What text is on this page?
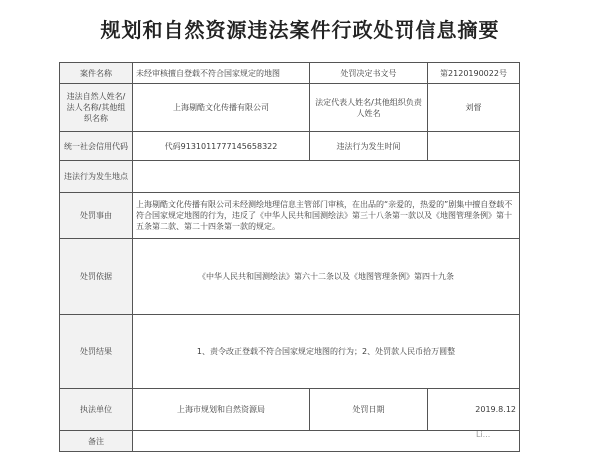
规划和自然资源违法案件行政处罚信息摘要
案件名称	未经审核擅自登载不符合国家规定的地图	处罚决定书文号	第2120190022号
违法自然人姓名/法人名称/其他组织名称	上海剔酷文化传播有限公司	法定代表人姓名/其他组织负责人姓名	刘督
统一社会信用代码	代码9131011777145658322	违法行为发生时间	
违法行为发生地点			
处罚事由	上海剔酷文化传播有限公司未经测绘地理信息主管部门审核，在出品的“亲爱的，热爱的”剧集中擅自登载不符合国家规定地图的行为，违反了《中华人民共和国测绘法》第三十八条第一款以及《地图管理条例》第十五条第二款、第二十四条第一款的规定。		
处罚依据	《中华人民共和国测绘法》第六十二条以及《地图管理条例》第四十九条		
处罚结果	1、责令改正登载不符合国家规定地图的行为；2、处罚款人民币拾万圆整		
执法单位	上海市规划和自然资源局	处罚日期	2019.8.12
备注			
Li...
